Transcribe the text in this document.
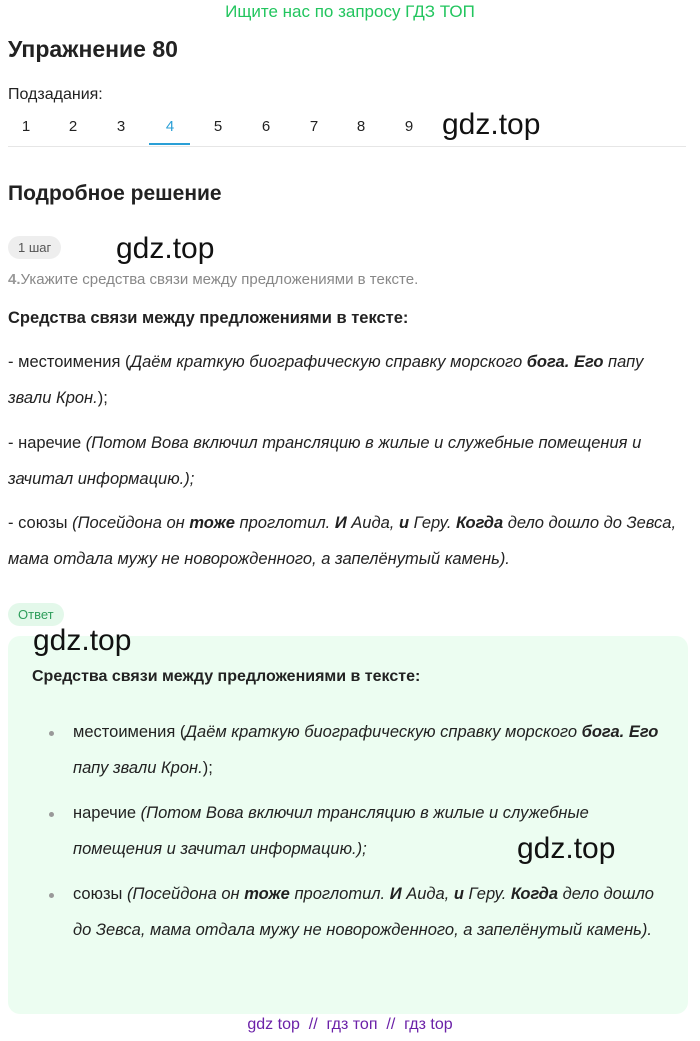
Ищите нас по запросу ГДЗ ТОП
Упражнение 80
Подзадания:
1	2	3	4	5	6	7	8	9 gdz.top
Подробное решение
1 шаг	gdz.top
4.Укажите средства связи между предложениями в тексте.
Средства связи между предложениями в тексте:
- местоимения (Даём краткую биографическую справку морского бога. Его папу звали Крон.);
- наречие (Потом Вова включил трансляцию в жилые и служебные помещения и зачитал информацию.);
- союзы (Посейдона он тоже проглотил. И Аида, и Геру. Когда дело дошло до Зевса, мама отдала мужу не новорожденного, а запелёнутый камень).
Ответ
gdz.top
Средства связи между предложениями в тексте:
местоимения (Даём краткую биографическую справку морского бога. Его папу звали Крон.);
наречие (Потом Вова включил трансляцию в жилые и служебные помещения и зачитал информацию.);	gdz.top
союзы (Посейдона он тоже проглотил. И Аида, и Геру. Когда дело дошло до Зевса, мама отдала мужу не новорожденного, а запелёнутый камень).
gdz top  //  гдз топ  //  гдз top
